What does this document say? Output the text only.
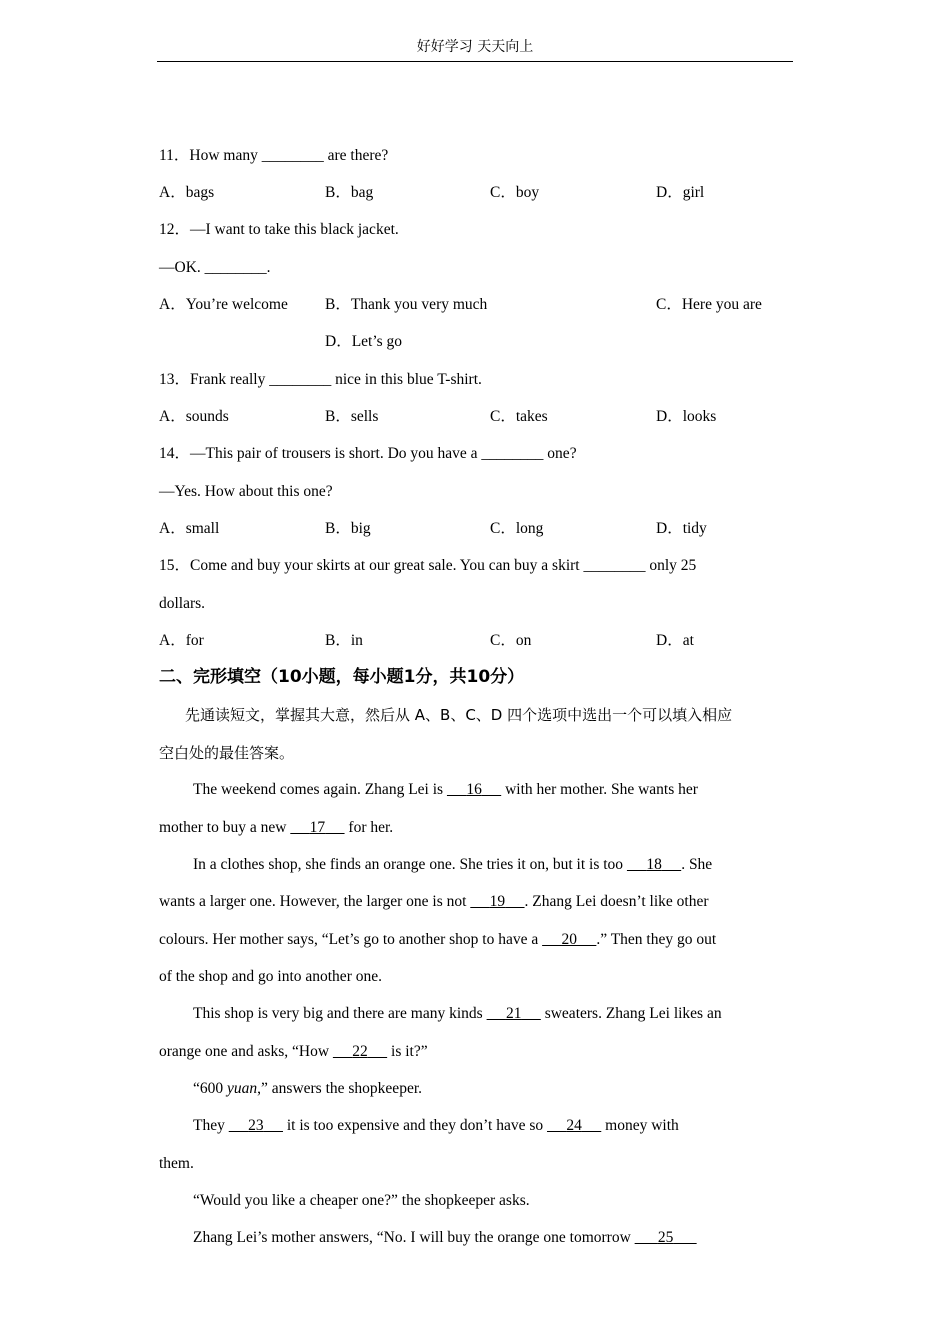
好好学习 天天向上
11．How many ________ are there?
A．bags	B．bag	C．boy	D．girl
12．—I want to take this black jacket.
—OK. ________.
A．You’re welcome B．Thank you very much	C．Here you are
D．Let’s go
13．Frank really ________ nice in this blue T-shirt.
A．sounds	B．sells	C．takes	D．looks
14．—This pair of trousers is short. Do you have a ________ one?
—Yes. How about this one?
A．small	B．big	C．long	D．tidy
15．Come and buy your skirts at our great sale. You can buy a skirt ________ only 25
dollars.
A．for	B．in	C．on	D．at
二、完形填空（10小题，每小题1分，共10分）
先通读短文，掌握其大意，然后从 A、B、C、D 四个选项中选出一个可以填入相应
空白处的最佳答案。
The weekend comes again. Zhang Lei is      16      with her mother. She wants her
mother to buy a new      17      for her.
In a clothes shop, she finds an orange one. She tries it on, but it is too      18 . She
wants a larger one. However, the larger one is not      19 . Zhang Lei doesn’t like other
colours. Her mother says, “Let’s go to another shop to have a      20 .” Then they go out
of the shop and go into another one.
This shop is very big and there are many kinds      21      sweaters. Zhang Lei likes an
orange one and asks, “How      22      is it?”
“600 yuan,” answers the shopkeeper.
They      23      it is too expensive and they don’t have so      24      money with
them.
“Would you like a cheaper one?” the shopkeeper asks.
Zhang Lei’s mother answers, “No. I will buy the orange one tomorrow       25
